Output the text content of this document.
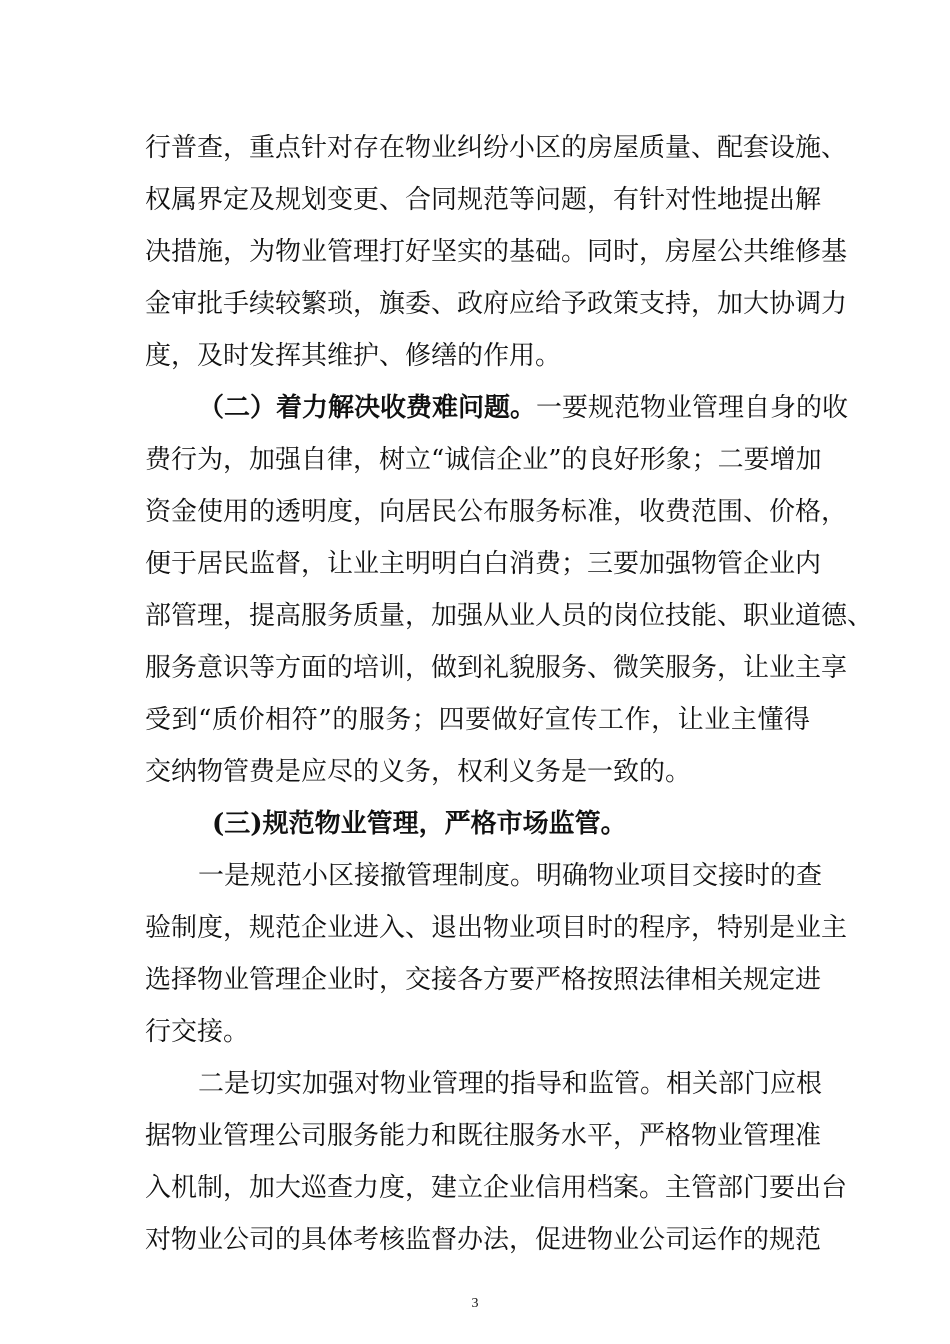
行普查，重点针对存在物业纠纷小区的房屋质量、配套设施、
权属界定及规划变更、合同规范等问题，有针对性地提出解
决措施，为物业管理打好坚实的基础。同时，房屋公共维修基
金审批手续较繁琐，旗委、政府应给予政策支持，加大协调力
度，及时发挥其维护、修缮的作用。
（二）着力解决收费难问题。一要规范物业管理自身的收
费行为，加强自律，树立“诚信企业”的良好形象；二要增加
资金使用的透明度，向居民公布服务标准，收费范围、价格，
便于居民监督，让业主明明白白消费；三要加强物管企业内
部管理，提高服务质量，加强从业人员的岗位技能、职业道德、
服务意识等方面的培训，做到礼貌服务、微笑服务，让业主享
受到“质价相符”的服务；四要做好宣传工作，让业主懂得
交纳物管费是应尽的义务，权利义务是一致的。
(三)规范物业管理，严格市场监管。
一是规范小区接撤管理制度。明确物业项目交接时的查
验制度，规范企业进入、退出物业项目时的程序，特别是业主
选择物业管理企业时，交接各方要严格按照法律相关规定进
行交接。
二是切实加强对物业管理的指导和监管。相关部门应根
据物业管理公司服务能力和既往服务水平，严格物业管理准
入机制，加大巡查力度，建立企业信用档案。主管部门要出台
对物业公司的具体考核监督办法，促进物业公司运作的规范
3
